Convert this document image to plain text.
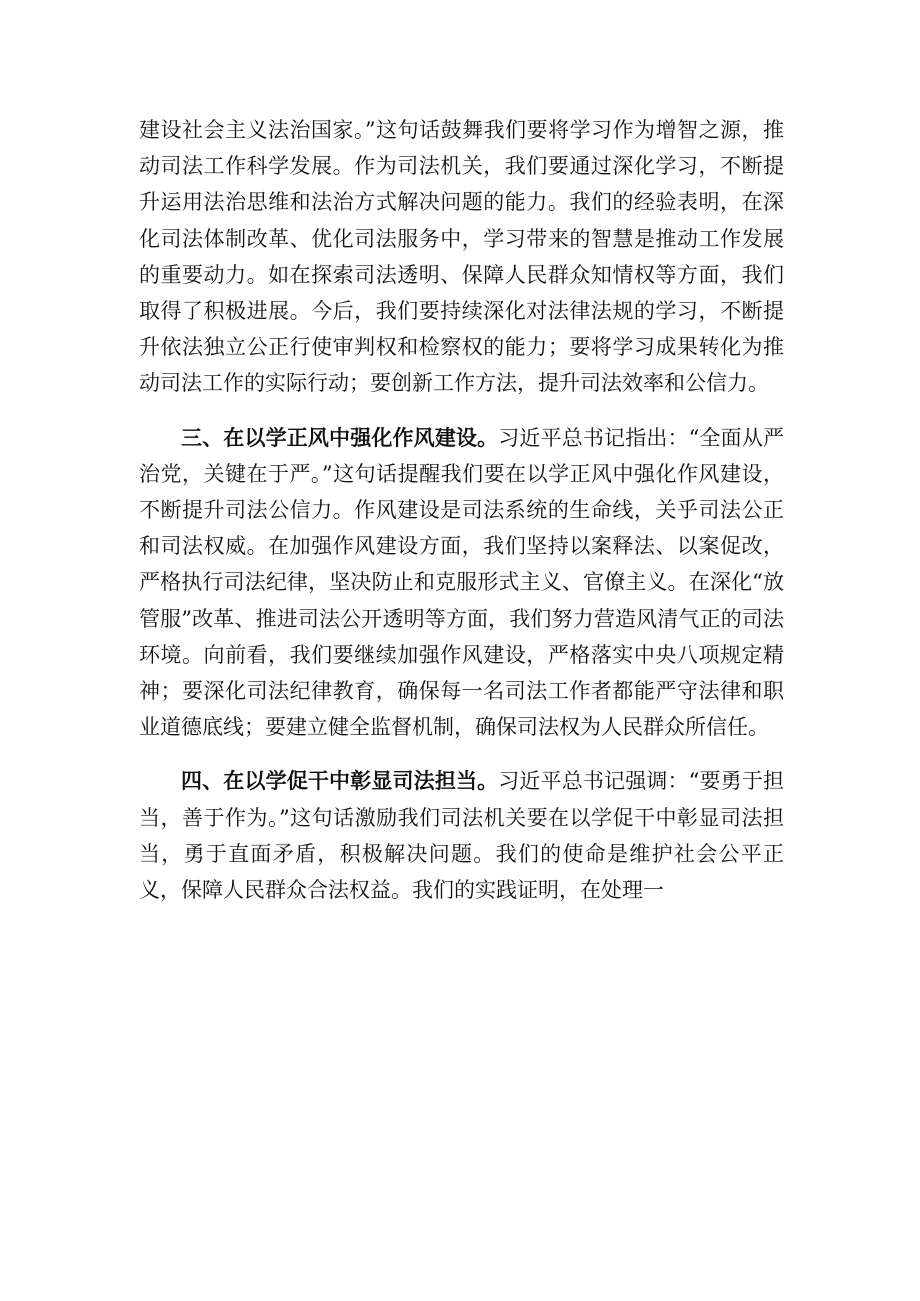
建设社会主义法治国家。”这句话鼓舞我们要将学习作为增智之源，推动司法工作科学发展。作为司法机关，我们要通过深化学习，不断提升运用法治思维和法治方式解决问题的能力。我们的经验表明，在深化司法体制改革、优化司法服务中，学习带来的智慧是推动工作发展的重要动力。如在探索司法透明、保障人民群众知情权等方面，我们取得了积极进展。今后，我们要持续深化对法律法规的学习，不断提升依法独立公正行使审判权和检察权的能力；要将学习成果转化为推动司法工作的实际行动；要创新工作方法，提升司法效率和公信力。

三、在以学正风中强化作风建设。习近平总书记指出：“全面从严治党，关键在于严。”这句话提醒我们要在以学正风中强化作风建设，不断提升司法公信力。作风建设是司法系统的生命线，关乎司法公正和司法权威。在加强作风建设方面，我们坚持以案释法、以案促改，严格执行司法纪律，坚决防止和克服形式主义、官僚主义。在深化“放管服”改革、推进司法公开透明等方面，我们努力营造风清气正的司法环境。向前看，我们要继续加强作风建设，严格落实中央八项规定精神；要深化司法纪律教育，确保每一名司法工作者都能严守法律和职业道德底线；要建立健全监督机制，确保司法权为人民群众所信任。

四、在以学促干中彰显司法担当。习近平总书记强调：“要勇于担当，善于作为。”这句话激励我们司法机关要在以学促干中彰显司法担当，勇于直面矛盾，积极解决问题。我们的使命是维护社会公平正义，保障人民群众合法权益。我们的实践证明，在处理一
